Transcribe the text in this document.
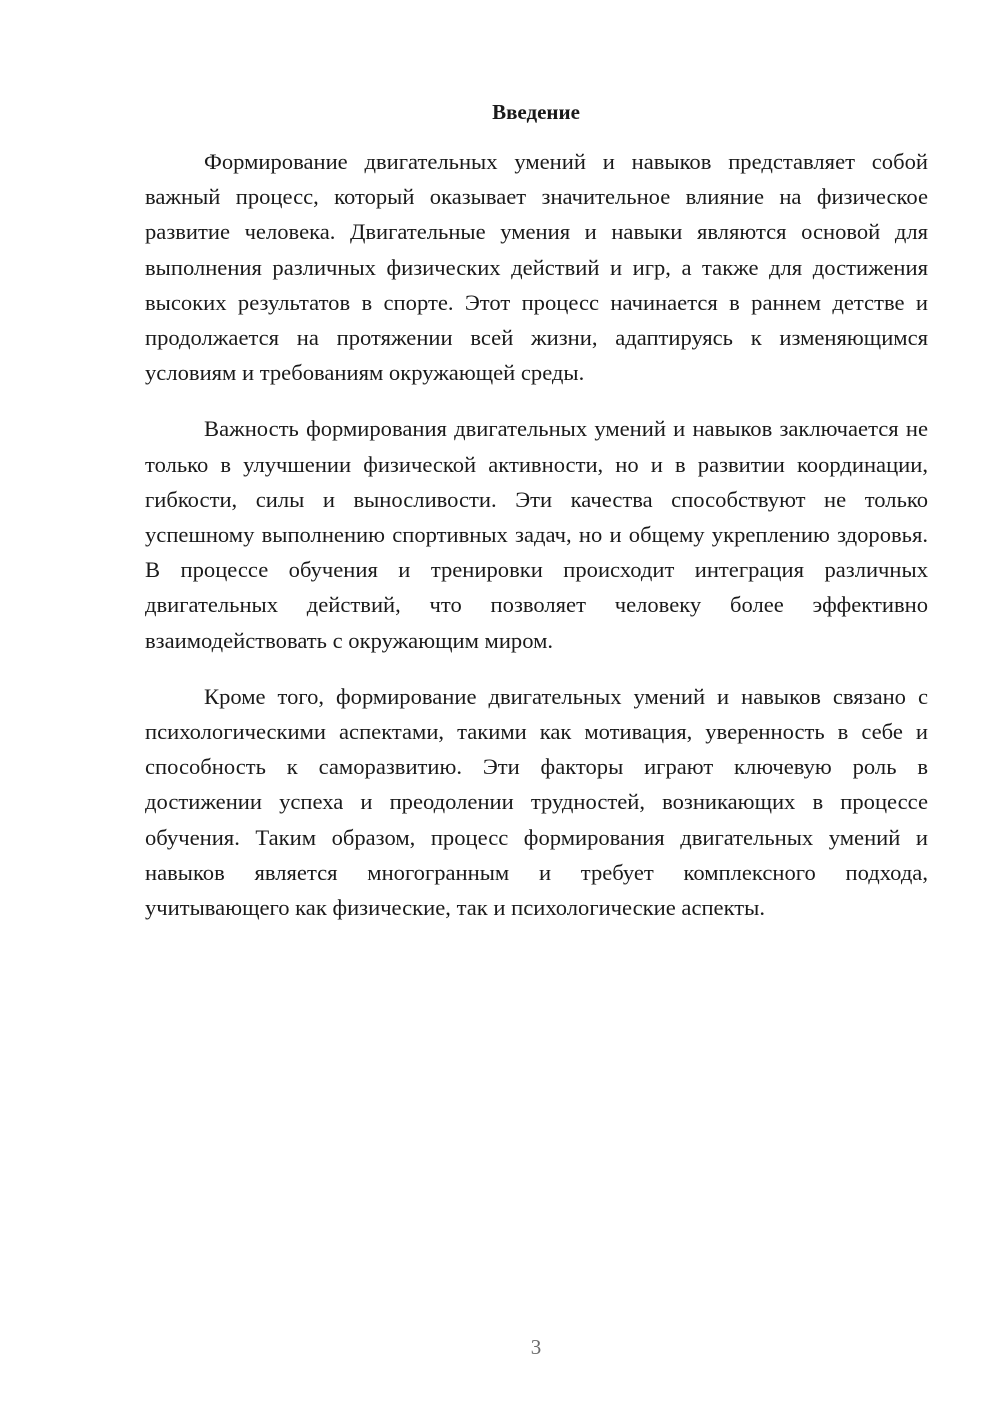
Введение

Формирование двигательных умений и навыков представляет собой важный процесс, который оказывает значительное влияние на физическое развитие человека. Двигательные умения и навыки являются основой для выполнения различных физических действий и игр, а также для достижения высоких результатов в спорте. Этот процесс начинается в раннем детстве и продолжается на протяжении всей жизни, адаптируясь к изменяющимся условиям и требованиям окружающей среды.

Важность формирования двигательных умений и навыков заключается не только в улучшении физической активности, но и в развитии координации, гибкости, силы и выносливости. Эти качества способствуют не только успешному выполнению спортивных задач, но и общему укреплению здоровья. В процессе обучения и тренировки происходит интеграция различных двигательных действий, что позволяет человеку более эффективно взаимодействовать с окружающим миром.

Кроме того, формирование двигательных умений и навыков связано с психологическими аспектами, такими как мотивация, уверенность в себе и способность к саморазвитию. Эти факторы играют ключевую роль в достижении успеха и преодолении трудностей, возникающих в процессе обучения. Таким образом, процесс формирования двигательных умений и навыков является многогранным и требует комплексного подхода, учитывающего как физические, так и психологические аспекты.

3
